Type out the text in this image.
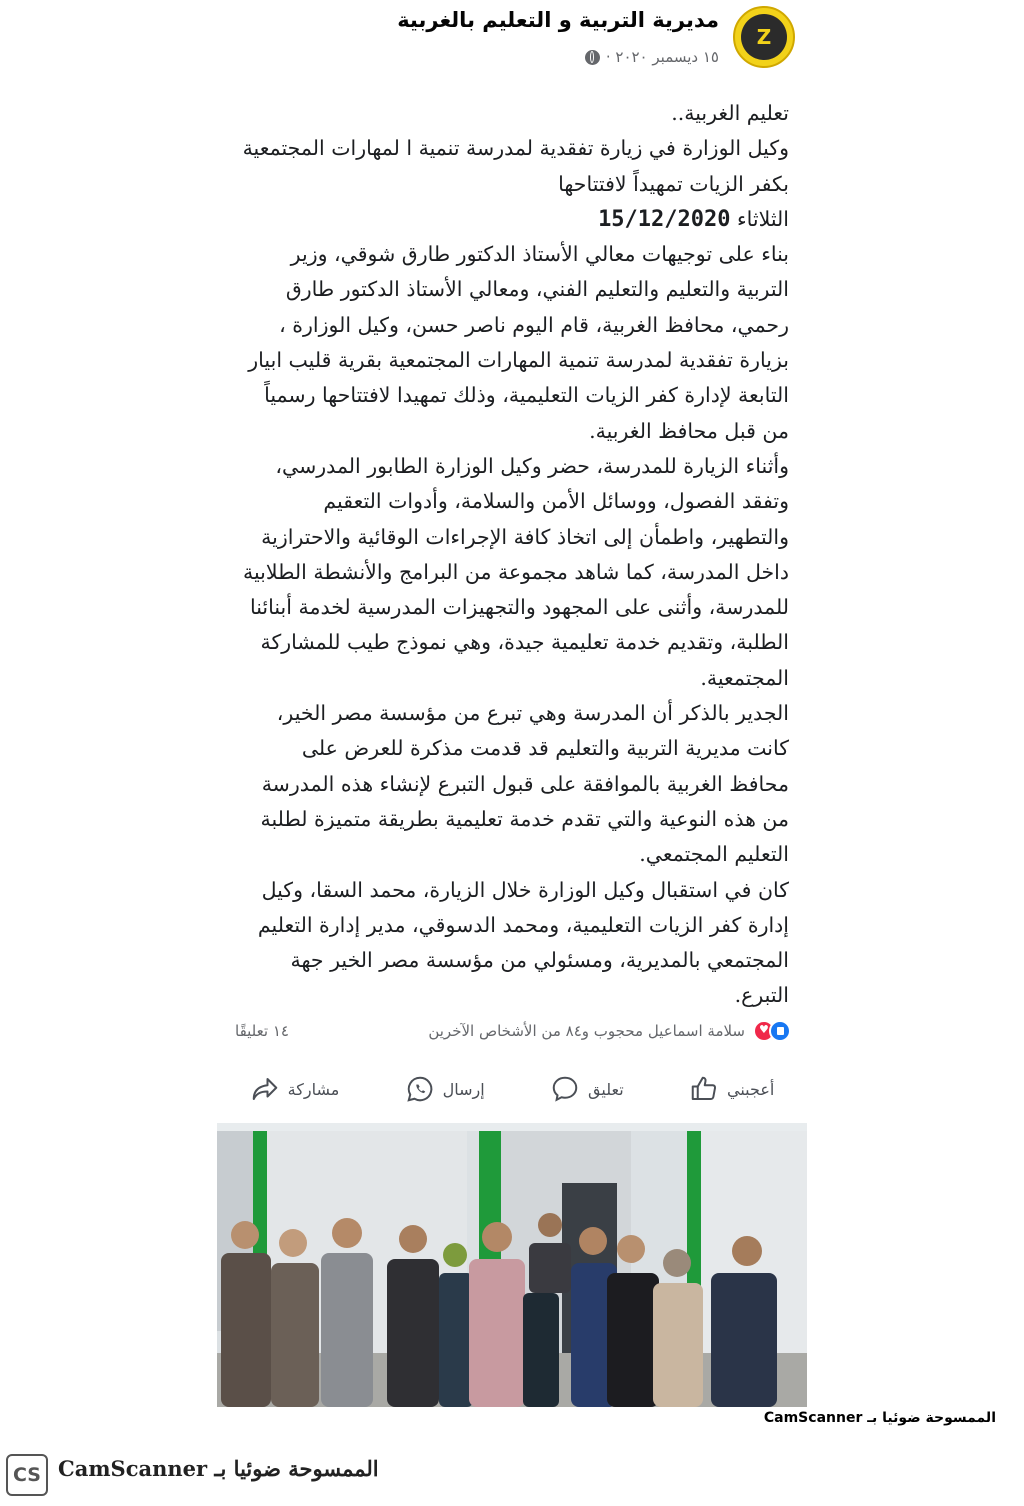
Z
مديرية التربية و التعليم بالغربية
١٥ ديسمبر ٢٠٢٠ ·
تعليم الغربية..
وكيل الوزارة في زيارة تفقدية لمدرسة تنمية ا لمهارات المجتمعية
بكفر الزيات تمهيداً لافتتاحها
الثلاثاء 15/12/2020
بناء على توجيهات معالي الأستاذ الدكتور طارق شوقي، وزير
التربية والتعليم والتعليم الفني، ومعالي الأستاذ الدكتور طارق
رحمي، محافظ الغربية، قام اليوم ناصر حسن، وكيل الوزارة ،
بزيارة تفقدية لمدرسة تنمية المهارات المجتمعية بقرية قليب ابيار
التابعة لإدارة كفر الزيات التعليمية، وذلك تمهيدا لافتتاحها رسمياً
من قبل محافظ الغربية.
وأثناء الزيارة للمدرسة، حضر وكيل الوزارة الطابور المدرسي،
وتفقد الفصول، ووسائل الأمن والسلامة، وأدوات التعقيم
والتطهير، واطمأن إلى اتخاذ كافة الإجراءات الوقائية والاحترازية
داخل المدرسة، كما شاهد مجموعة من البرامج والأنشطة الطلابية
للمدرسة، وأثنى على المجهود والتجهيزات المدرسية لخدمة أبنائنا
الطلبة، وتقديم خدمة تعليمية جيدة، وهي نموذج طيب للمشاركة
المجتمعية.
الجدير بالذكر أن المدرسة وهي تبرع من مؤسسة مصر الخير،
كانت مديرية التربية والتعليم قد قدمت مذكرة للعرض على
محافظ الغربية بالموافقة على قبول التبرع لإنشاء هذه المدرسة
من هذه النوعية والتي تقدم خدمة تعليمية بطريقة متميزة لطلبة
التعليم المجتمعي.
كان في استقبال وكيل الوزارة خلال الزيارة، محمد السقا، وكيل
إدارة كفر الزيات التعليمية، ومحمد الدسوقي، مدير إدارة التعليم
المجتمعي بالمديرية، ومسئولي من مؤسسة مصر الخير جهة
التبرع.
♥
سلامة اسماعيل محجوب و٨٤ من الأشخاص الآخرين
١٤ تعليقًا
أعجبني
تعليق
إرسال
مشاركة
الممسوحة ضوئيا بـ CamScanner
CS الممسوحة ضوئيا بـ CamScanner
